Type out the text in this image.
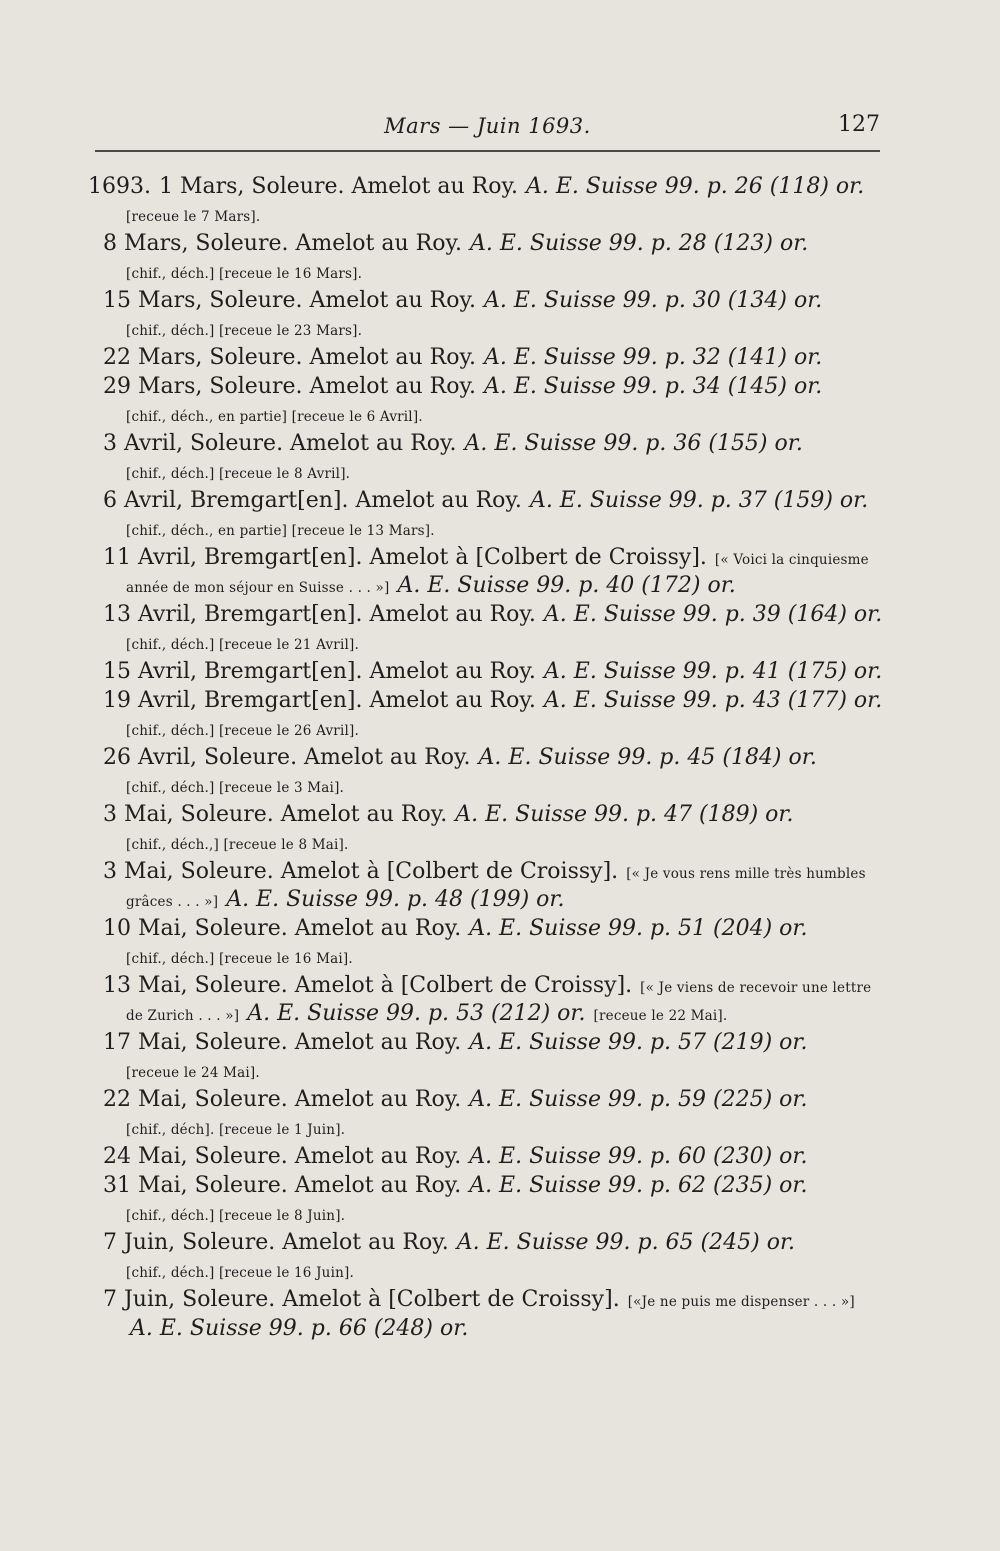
Mars — Juin 1693.	127
1693. 1 Mars, Soleure. Amelot au Roy. A. E. Suisse 99. p. 26 (118) or.
[receue le 7 Mars].
8 Mars, Soleure. Amelot au Roy. A. E. Suisse 99. p. 28 (123) or.
[chif., déch.] [receue le 16 Mars].
15 Mars, Soleure. Amelot au Roy. A. E. Suisse 99. p. 30 (134) or.
[chif., déch.] [receue le 23 Mars].
22 Mars, Soleure. Amelot au Roy. A. E. Suisse 99. p. 32 (141) or.
29 Mars, Soleure. Amelot au Roy. A. E. Suisse 99. p. 34 (145) or.
[chif., déch., en partie] [receue le 6 Avril].
3 Avril, Soleure. Amelot au Roy. A. E. Suisse 99. p. 36 (155) or.
[chif., déch.] [receue le 8 Avril].
6 Avril, Bremgart[en]. Amelot au Roy. A. E. Suisse 99. p. 37 (159) or.
[chif., déch., en partie] [receue le 13 Mars].
11 Avril, Bremgart[en]. Amelot à [Colbert de Croissy]. [« Voici la cinquiesme
année de mon séjour en Suisse . . . »] A. E. Suisse 99. p. 40 (172) or.
13 Avril, Bremgart[en]. Amelot au Roy. A. E. Suisse 99. p. 39 (164) or.
[chif., déch.] [receue le 21 Avril].
15 Avril, Bremgart[en]. Amelot au Roy. A. E. Suisse 99. p. 41 (175) or.
19 Avril, Bremgart[en]. Amelot au Roy. A. E. Suisse 99. p. 43 (177) or.
[chif., déch.] [receue le 26 Avril].
26 Avril, Soleure. Amelot au Roy. A. E. Suisse 99. p. 45 (184) or.
[chif., déch.] [receue le 3 Mai].
3 Mai, Soleure. Amelot au Roy. A. E. Suisse 99. p. 47 (189) or.
[chif., déch.,] [receue le 8 Mai].
3 Mai, Soleure. Amelot à [Colbert de Croissy]. [« Je vous rens mille très humbles
grâces . . . »] A. E. Suisse 99. p. 48 (199) or.
10 Mai, Soleure. Amelot au Roy. A. E. Suisse 99. p. 51 (204) or.
[chif., déch.] [receue le 16 Mai].
13 Mai, Soleure. Amelot à [Colbert de Croissy]. [« Je viens de recevoir une lettre
de Zurich . . . »] A. E. Suisse 99. p. 53 (212) or. [receue le 22 Mai].
17 Mai, Soleure. Amelot au Roy. A. E. Suisse 99. p. 57 (219) or.
[receue le 24 Mai].
22 Mai, Soleure. Amelot au Roy. A. E. Suisse 99. p. 59 (225) or.
[chif., déch]. [receue le 1 Juin].
24 Mai, Soleure. Amelot au Roy. A. E. Suisse 99. p. 60 (230) or.
31 Mai, Soleure. Amelot au Roy. A. E. Suisse 99. p. 62 (235) or.
[chif., déch.] [receue le 8 Juin].
7 Juin, Soleure. Amelot au Roy. A. E. Suisse 99. p. 65 (245) or.
[chif., déch.] [receue le 16 Juin].
7 Juin, Soleure. Amelot à [Colbert de Croissy]. [«Je ne puis me dispenser . . . »]
A. E. Suisse 99. p. 66 (248) or.
